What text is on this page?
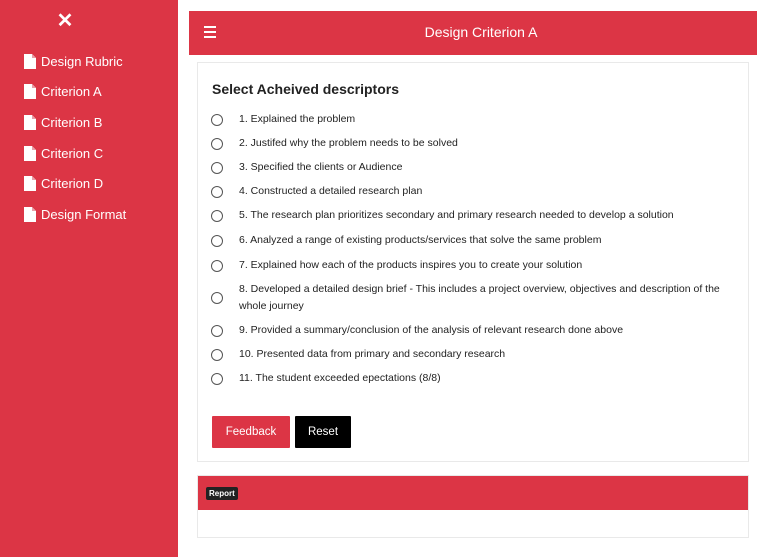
✕
Design Rubric
Criterion A
Criterion B
Criterion C
Criterion D
Design Format
Design Criterion A
Select Acheived descriptors
1. Explained the problem
2. Justifed why the problem needs to be solved
3. Specified the clients or Audience
4. Constructed a detailed research plan
5. The research plan prioritizes secondary and primary research needed to develop a solution
6. Analyzed a range of existing products/services that solve the same problem
7. Explained how each of the products inspires you to create your solution
8. Developed a detailed design brief - This includes a project overview, objectives and description of the whole journey
9. Provided a summary/conclusion of the analysis of relevant research done above
10. Presented data from primary and secondary research
11. The student exceeded epectations (8/8)
Feedback	Reset
Report
